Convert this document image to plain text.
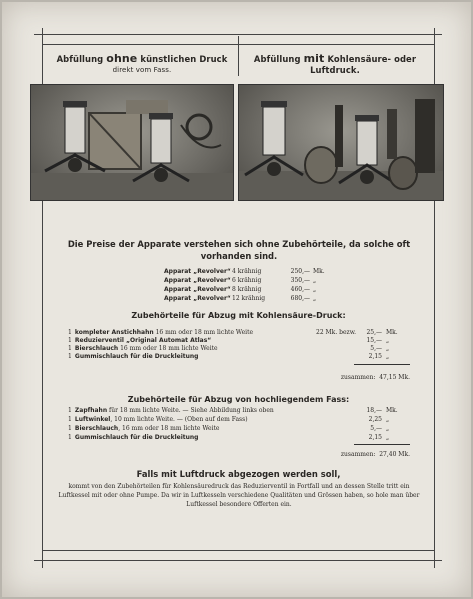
Abfüllung ohne künstlichen Druck
direkt vom Fass.
Abfüllung mit Kohlensäure- oder Luftdruck.
Die Preise der Apparate verstehen sich ohne Zubehörteile, da solche oft vorhanden sind.
Apparat „Revolver“4 krähnig	250,— Mk.
Apparat „Revolver“6 krähnig	350,— „
Apparat „Revolver“8 krähnig	460,— „
Apparat „Revolver“12 krähnig	680,— „
Zubehörteile für Abzug mit Kohlensäure-Druck:
1 kompleter Anstichhahn 16 mm oder 18 mm lichte Weite	22 Mk. bezw.	25,— Mk.
1 Reduzierventil „Original Automat Atlas“	15,— „
1 Bierschlauch 16 mm oder 18 mm lichte Weite	5,— „
1 Gummischlauch für die Druckleitung	2,15 „
zusammen: 47,15 Mk.
Zubehörteile für Abzug von hochliegendem Fass:
1 Zapfhahn für 18 mm lichte Weite. — Siehe Abbildung links oben	18,— Mk.
1 Luftwinkel, 10 mm lichte Weite. — (Oben auf dem Fass)	2,25 „
1 Bierschlauch, 16 mm oder 18 mm lichte Weite	5,— „
1 Gummischlauch für die Druckleitung	2,15 „
zusammen: 27,40 Mk.
Falls mit Luftdruck abgezogen werden soll,
kommt von den Zubehörteilen für Kohlensäuredruck das Reduzierventil in Fortfall und an dessen Stelle tritt ein Luftkessel mit oder ohne Pumpe. Da wir in Luftkesseln verschiedene Qualitäten und Grössen haben, so hole man über Luftkessel besondere Offerten ein.
